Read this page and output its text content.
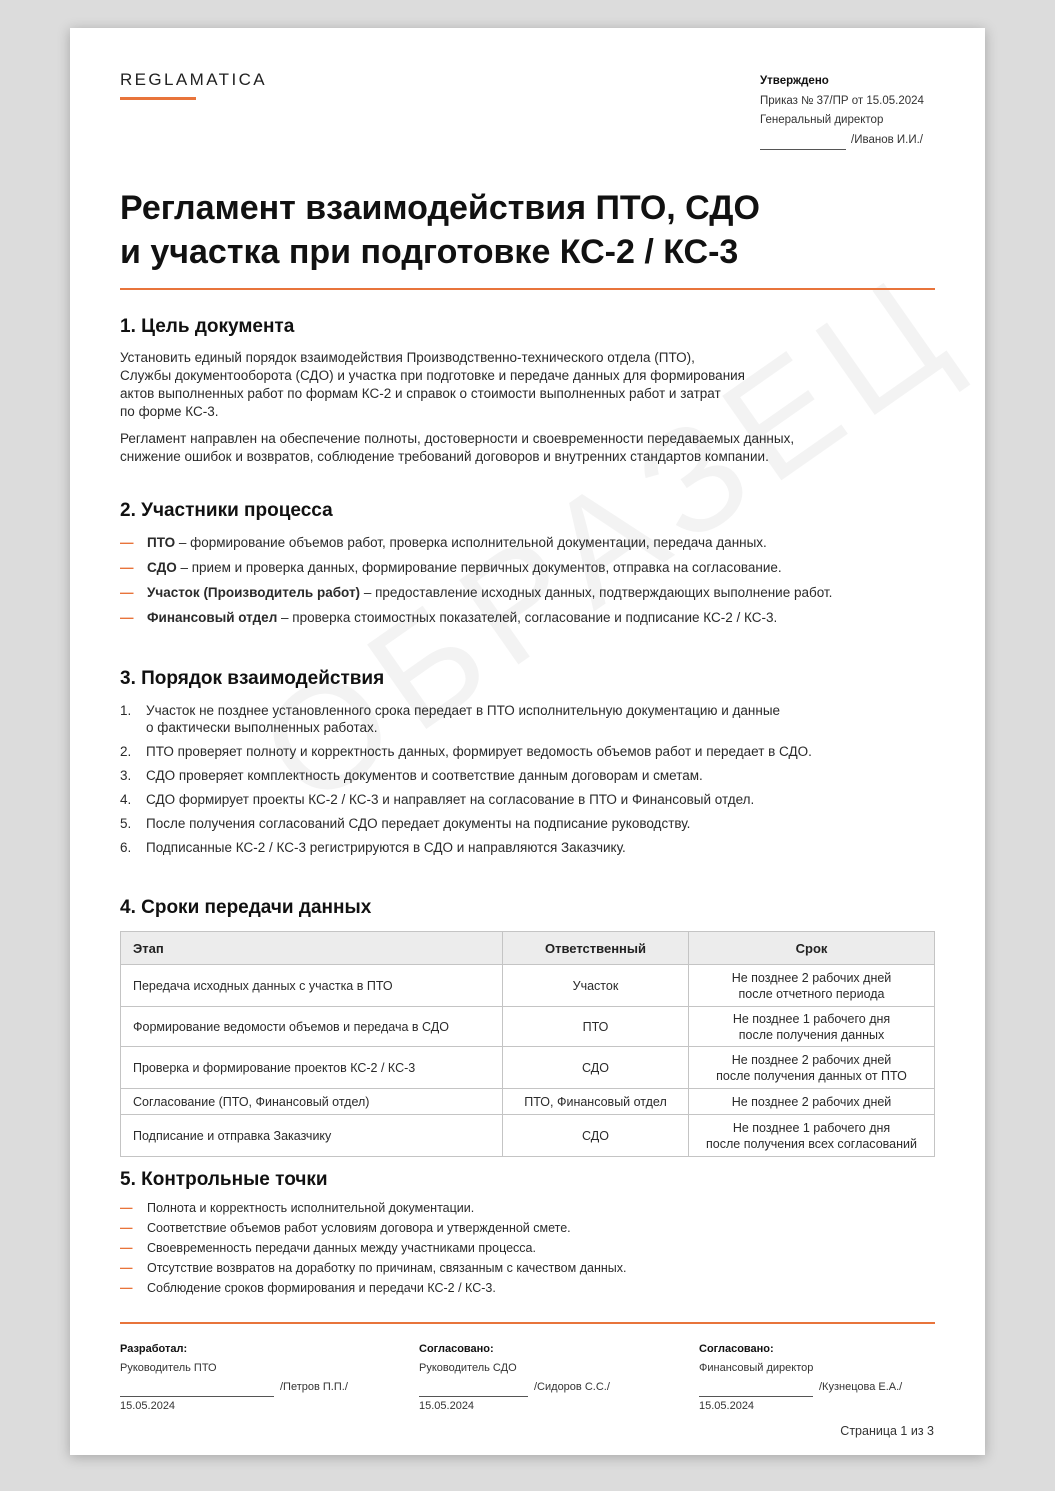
REGLAMATICA	Утверждено
Приказ № 37/ПР от 15.05.2024
Генеральный директор
/Иванов И.И./
Регламент взаимодействия ПТО, СДО
и участка при подготовке КС-2 / КС-3
1. Цель документа

Установить единый порядок взаимодействия Производственно-технического отдела (ПТО),

Службы документооборота (СДО) и участка при подготовке и передаче данных для формирования

актов выполненных работ по формам КС-2 и справок о стоимости выполненных работ и затрат

по форме КС-3.

Регламент направлен на обеспечение полноты, достоверности и своевременности передаваемых данных,

снижение ошибок и возвратов, соблюдение требований договоров и внутренних стандартов компании.

2. Участники процесса
— ПТО – формирование объемов работ, проверка исполнительной документации, передача данных.
— СДО – прием и проверка данных, формирование первичных документов, отправка на согласование.
— Участок (Производитель работ) – предоставление исходных данных, подтверждающих выполнение работ.
— Финансовый отдел – проверка стоимостных показателей, согласование и подписание КС-2 / КС-3.
3. Порядок взаимодействия
1. Участок не позднее установленного срока передает в ПТО исполнительную документацию и данные
о фактически выполненных работах.
2. ПТО проверяет полноту и корректность данных, формирует ведомость объемов работ и передает в СДО.
3. СДО проверяет комплектность документов и соответствие данным договорам и сметам.
4. СДО формирует проекты КС-2 / КС-3 и направляет на согласование в ПТО и Финансовый отдел.
5. После получения согласований СДО передает документы на подписание руководству.
6. Подписанные КС-2 / КС-3 регистрируются в СДО и направляются Заказчику.
4. Сроки передачи данных
Этап	Ответственный	Срок
Передача исходных данных с участка в ПТО	Участок	Не позднее 2 рабочих дней
после отчетного периода

Формирование ведомости объемов и передача в СДО	ПТО	Не позднее 1 рабочего дня
после получения данных

Проверка и формирование проектов КС-2 / КС-3	СДО	Не позднее 2 рабочих дней
после получения данных от ПТО

Согласование (ПТО, Финансовый отдел)	ПТО, Финансовый отдел	Не позднее 2 рабочих дней

Подписание и отправка Заказчику	СДО	Не позднее 1 рабочего дня
после получения всех согласований
5. Контрольные точки
— Полнота и корректность исполнительной документации.
— Соответствие объемов работ условиям договора и утвержденной смете.
— Своевременность передачи данных между участниками процесса.
— Отсутствие возвратов на доработку по причинам, связанным с качеством данных.
— Соблюдение сроков формирования и передачи КС-2 / КС-3.
Разработал:
Руководитель ПТО
/Петров П.П./
15.05.2024
Согласовано:
Руководитель СДО
/Сидоров С.С./
15.05.2024
Согласовано:
Финансовый директор
/Кузнецова Е.А./
15.05.2024
Страница 1 из 3
